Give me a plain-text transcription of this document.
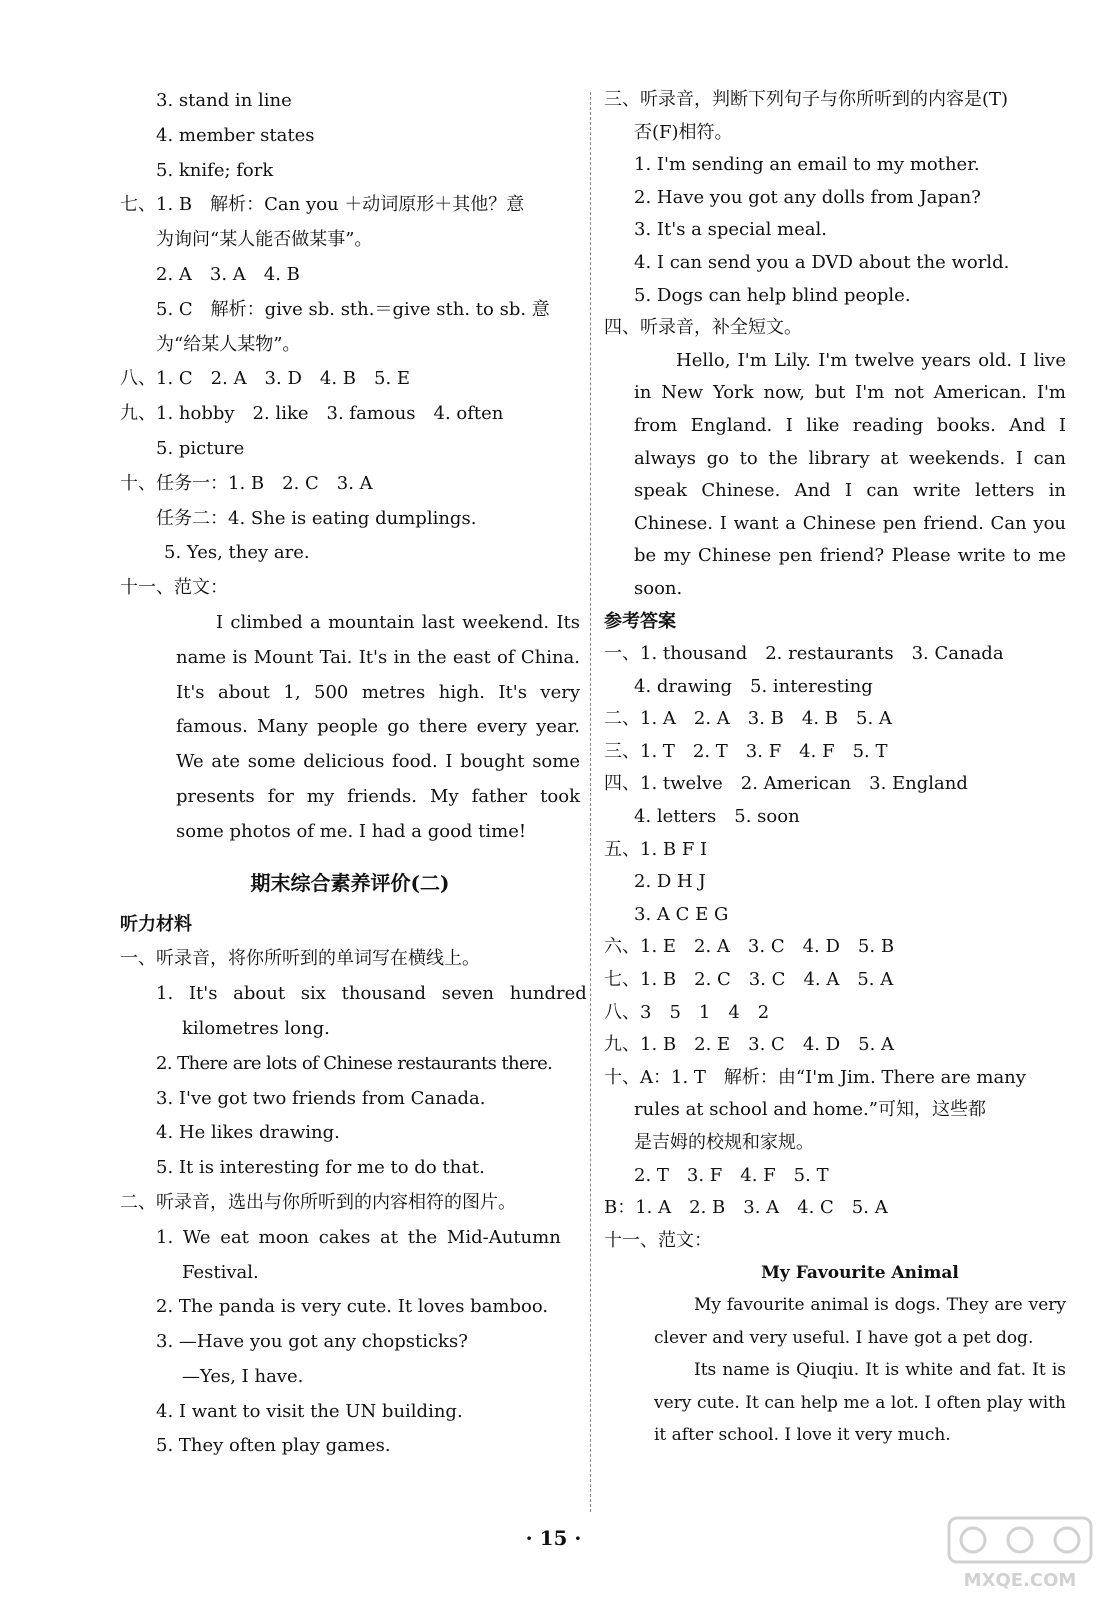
3. stand in line
4. member states
5. knife; fork
七、1. B　解析：Can you ＋动词原形＋其他？意
为询问“某人能否做某事”。
2. A　3. A　4. B
5. C　解析：give sb. sth.＝give sth. to sb. 意
为“给某人某物”。
八、1. C　2. A　3. D　4. B　5. E
九、1. hobby　2. like　3. famous　4. often
5. picture
十、任务一：1. B　2. C　3. A
任务二：4. She is eating dumplings.
5. Yes, they are.
十一、范文：
I climbed a mountain last weekend. Its name is Mount Tai. It's in the east of China. It's about 1, 500 metres high. It's very famous. Many people go there every year. We ate some delicious food. I bought some presents for my friends. My father took some photos of me. I had a good time!
期末综合素养评价(二)
听力材料
一、听录音，将你所听到的单词写在横线上。
1. It's about six thousand seven hundred
kilometres long.
2. There are lots of Chinese restaurants there.
3. I've got two friends from Canada.
4. He likes drawing.
5. It is interesting for me to do that.
二、听录音，选出与你所听到的内容相符的图片。
1. We eat moon cakes at the Mid-Autumn
Festival.
2. The panda is very cute. It loves bamboo.
3. —Have you got any chopsticks?
—Yes, I have.
4. I want to visit the UN building.
5. They often play games.
三、听录音，判断下列句子与你所听到的内容是(T)
否(F)相符。
1. I'm sending an email to my mother.
2. Have you got any dolls from Japan?
3. It's a special meal.
4. I can send you a DVD about the world.
5. Dogs can help blind people.
四、听录音，补全短文。
Hello, I'm Lily. I'm twelve years old. I live in New York now, but I'm not American. I'm from England. I like reading books. And I always go to the library at weekends. I can speak Chinese. And I can write letters in Chinese. I want a Chinese pen friend. Can you be my Chinese pen friend? Please write to me soon.
参考答案
一、1. thousand　2. restaurants　3. Canada
4. drawing　5. interesting
二、1. A　2. A　3. B　4. B　5. A
三、1. T　2. T　3. F　4. F　5. T
四、1. twelve　2. American　3. England
4. letters　5. soon
五、1. B F I
2. D H J
3. A C E G
六、1. E　2. A　3. C　4. D　5. B
七、1. B　2. C　3. C　4. A　5. A
八、3　5　1　4　2
九、1. B　2. E　3. C　4. D　5. A
十、A：1. T　解析：由“I'm Jim. There are many
rules at school and home.”可知，这些都
是吉姆的校规和家规。
2. T　3. F　4. F　5. T
B：1. A　2. B　3. A　4. C　5. A
十一、范文：
My Favourite Animal
My favourite animal is dogs. They are very clever and very useful. I have got a pet dog.
Its name is Qiuqiu. It is white and fat. It is very cute. It can help me a lot. I often play with it after school. I love it very much.
· 15 ·
MXQE.COM
